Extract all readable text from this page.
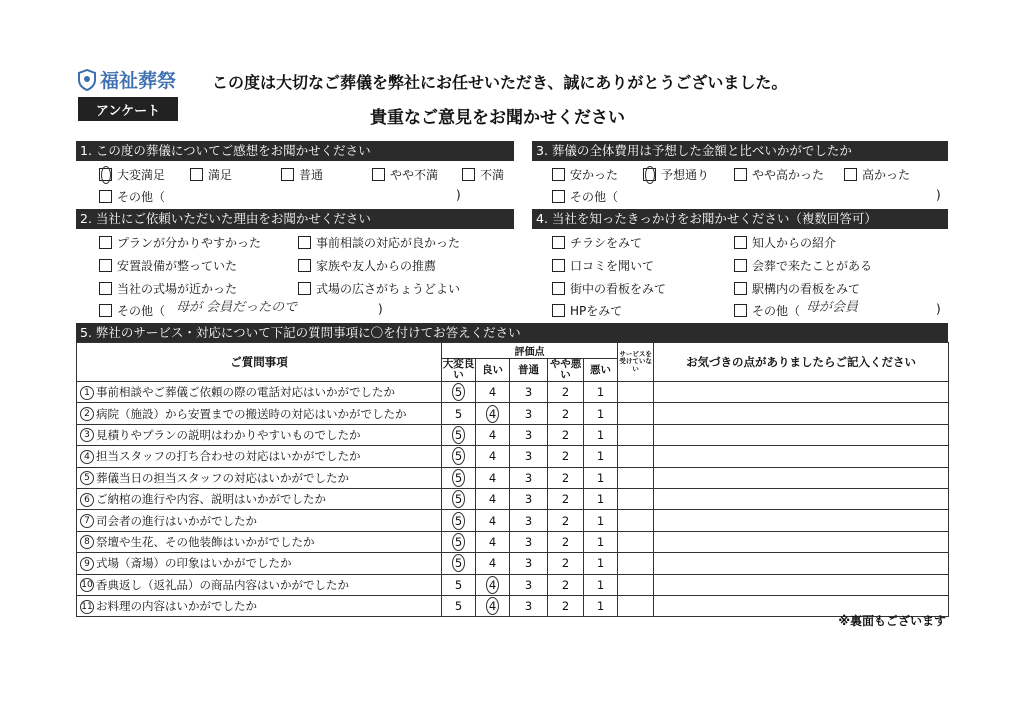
福祉葬祭 この度は大切なご葬儀を弊社にお任せいただき、誠にありがとうございました。
アンケート	貴重なご意見をお聞かせください
1. この度の葬儀についてご感想をお聞かせください
大変満足	満足	普通	やや不満	不満
その他（	)
2. 当社にご依頼いただいた理由をお聞かせください
プランが分かりやすかった	事前相談の対応が良かった
安置設備が整っていた	家族や友人からの推薦
当社の式場が近かった	式場の広さがちょうどよい
その他（ 母が 会員だったので	)
3. 葬儀の全体費用は予想した金額と比べいかがでしたか
安かった	予想通り	やや高かった	高かった
その他（	)
4. 当社を知ったきっかけをお聞かせください（複数回答可）
チラシをみて	知人からの紹介
口コミを聞いて	会葬で来たことがある
街中の看板をみて	駅構内の看板をみて
HPをみて	その他（ 母が会員	)
5. 弊社のサービス・対応について下記の質問事項に〇を付けてお答えください
ご質問事項	評価点					サービスを受けていない	お気づきの点がありましたらご記入ください
	大変良い	良い	普通	やや悪い	悪い		
1 事前相談やご葬儀ご依頼の際の電話対応はいかがでしたか	5	4	3	2	1		
2 病院（施設）から安置までの搬送時の対応はいかがでしたか	5	4	3	2	1		
3 見積りやプランの説明はわかりやすいものでしたか	5	4	3	2	1		
4 担当スタッフの打ち合わせの対応はいかがでしたか	5	4	3	2	1		
5 葬儀当日の担当スタッフの対応はいかがでしたか	5	4	3	2	1		
6 ご納棺の進行や内容、説明はいかがでしたか	5	4	3	2	1		
7 司会者の進行はいかがでしたか	5	4	3	2	1		
8 祭壇や生花、その他装飾はいかがでしたか	5	4	3	2	1		
9 式場（斎場）の印象はいかがでしたか	5	4	3	2	1		
10 香典返し（返礼品）の商品内容はいかがでしたか	5	4	3	2	1		
11 お料理の内容はいかがでしたか	5	4	3	2	1		
※裏面もございます
